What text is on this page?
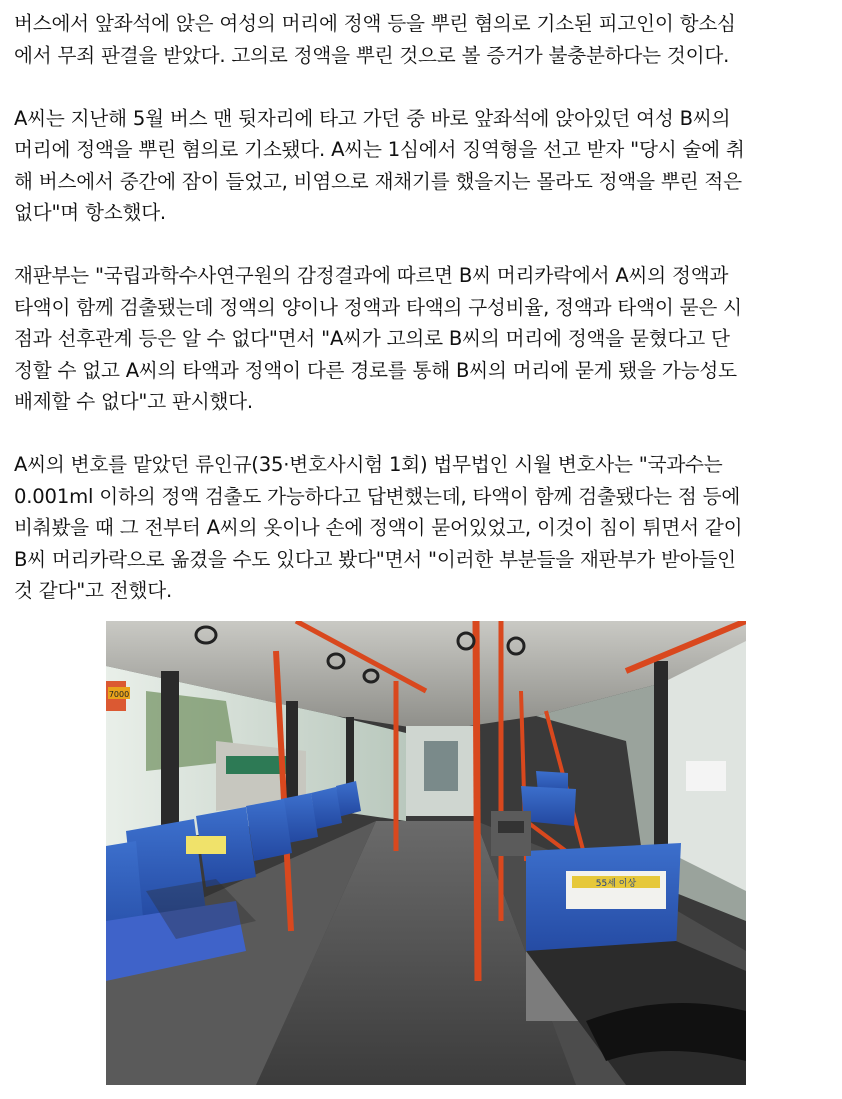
버스에서 앞좌석에 앉은 여성의 머리에 정액 등을 뿌린 혐의로 기소된 피고인이 항소심
에서 무죄 판결을 받았다. 고의로 정액을 뿌린 것으로 볼 증거가 불충분하다는 것이다.

A씨는 지난해 5월 버스 맨 뒷자리에 타고 가던 중 바로 앞좌석에 앉아있던 여성 B씨의
머리에 정액을 뿌린 혐의로 기소됐다. A씨는 1심에서 징역형을 선고 받자 "당시 술에 취
해 버스에서 중간에 잠이 들었고, 비염으로 재채기를 했을지는 몰라도 정액을 뿌린 적은
없다"며 항소했다.

재판부는 "국립과학수사연구원의 감정결과에 따르면 B씨 머리카락에서 A씨의 정액과
타액이 함께 검출됐는데 정액의 양이나 정액과 타액의 구성비율, 정액과 타액이 묻은 시
점과 선후관계 등은 알 수 없다"면서 "A씨가 고의로 B씨의 머리에 정액을 묻혔다고 단
정할 수 없고 A씨의 타액과 정액이 다른 경로를 통해 B씨의 머리에 묻게 됐을 가능성도
배제할 수 없다"고 판시했다.

A씨의 변호를 맡았던 류인규(35·변호사시험 1회) 법무법인 시월 변호사는 "국과수는
0.001ml 이하의 정액 검출도 가능하다고 답변했는데, 타액이 함께 검출됐다는 점 등에
비춰봤을 때 그 전부터 A씨의 옷이나 손에 정액이 묻어있었고, 이것이 침이 튀면서 같이
B씨 머리카락으로 옮겼을 수도 있다고 봤다"면서 "이러한 부분들을 재판부가 받아들인
것 같다"고 전했다.

55세 이상
7000
